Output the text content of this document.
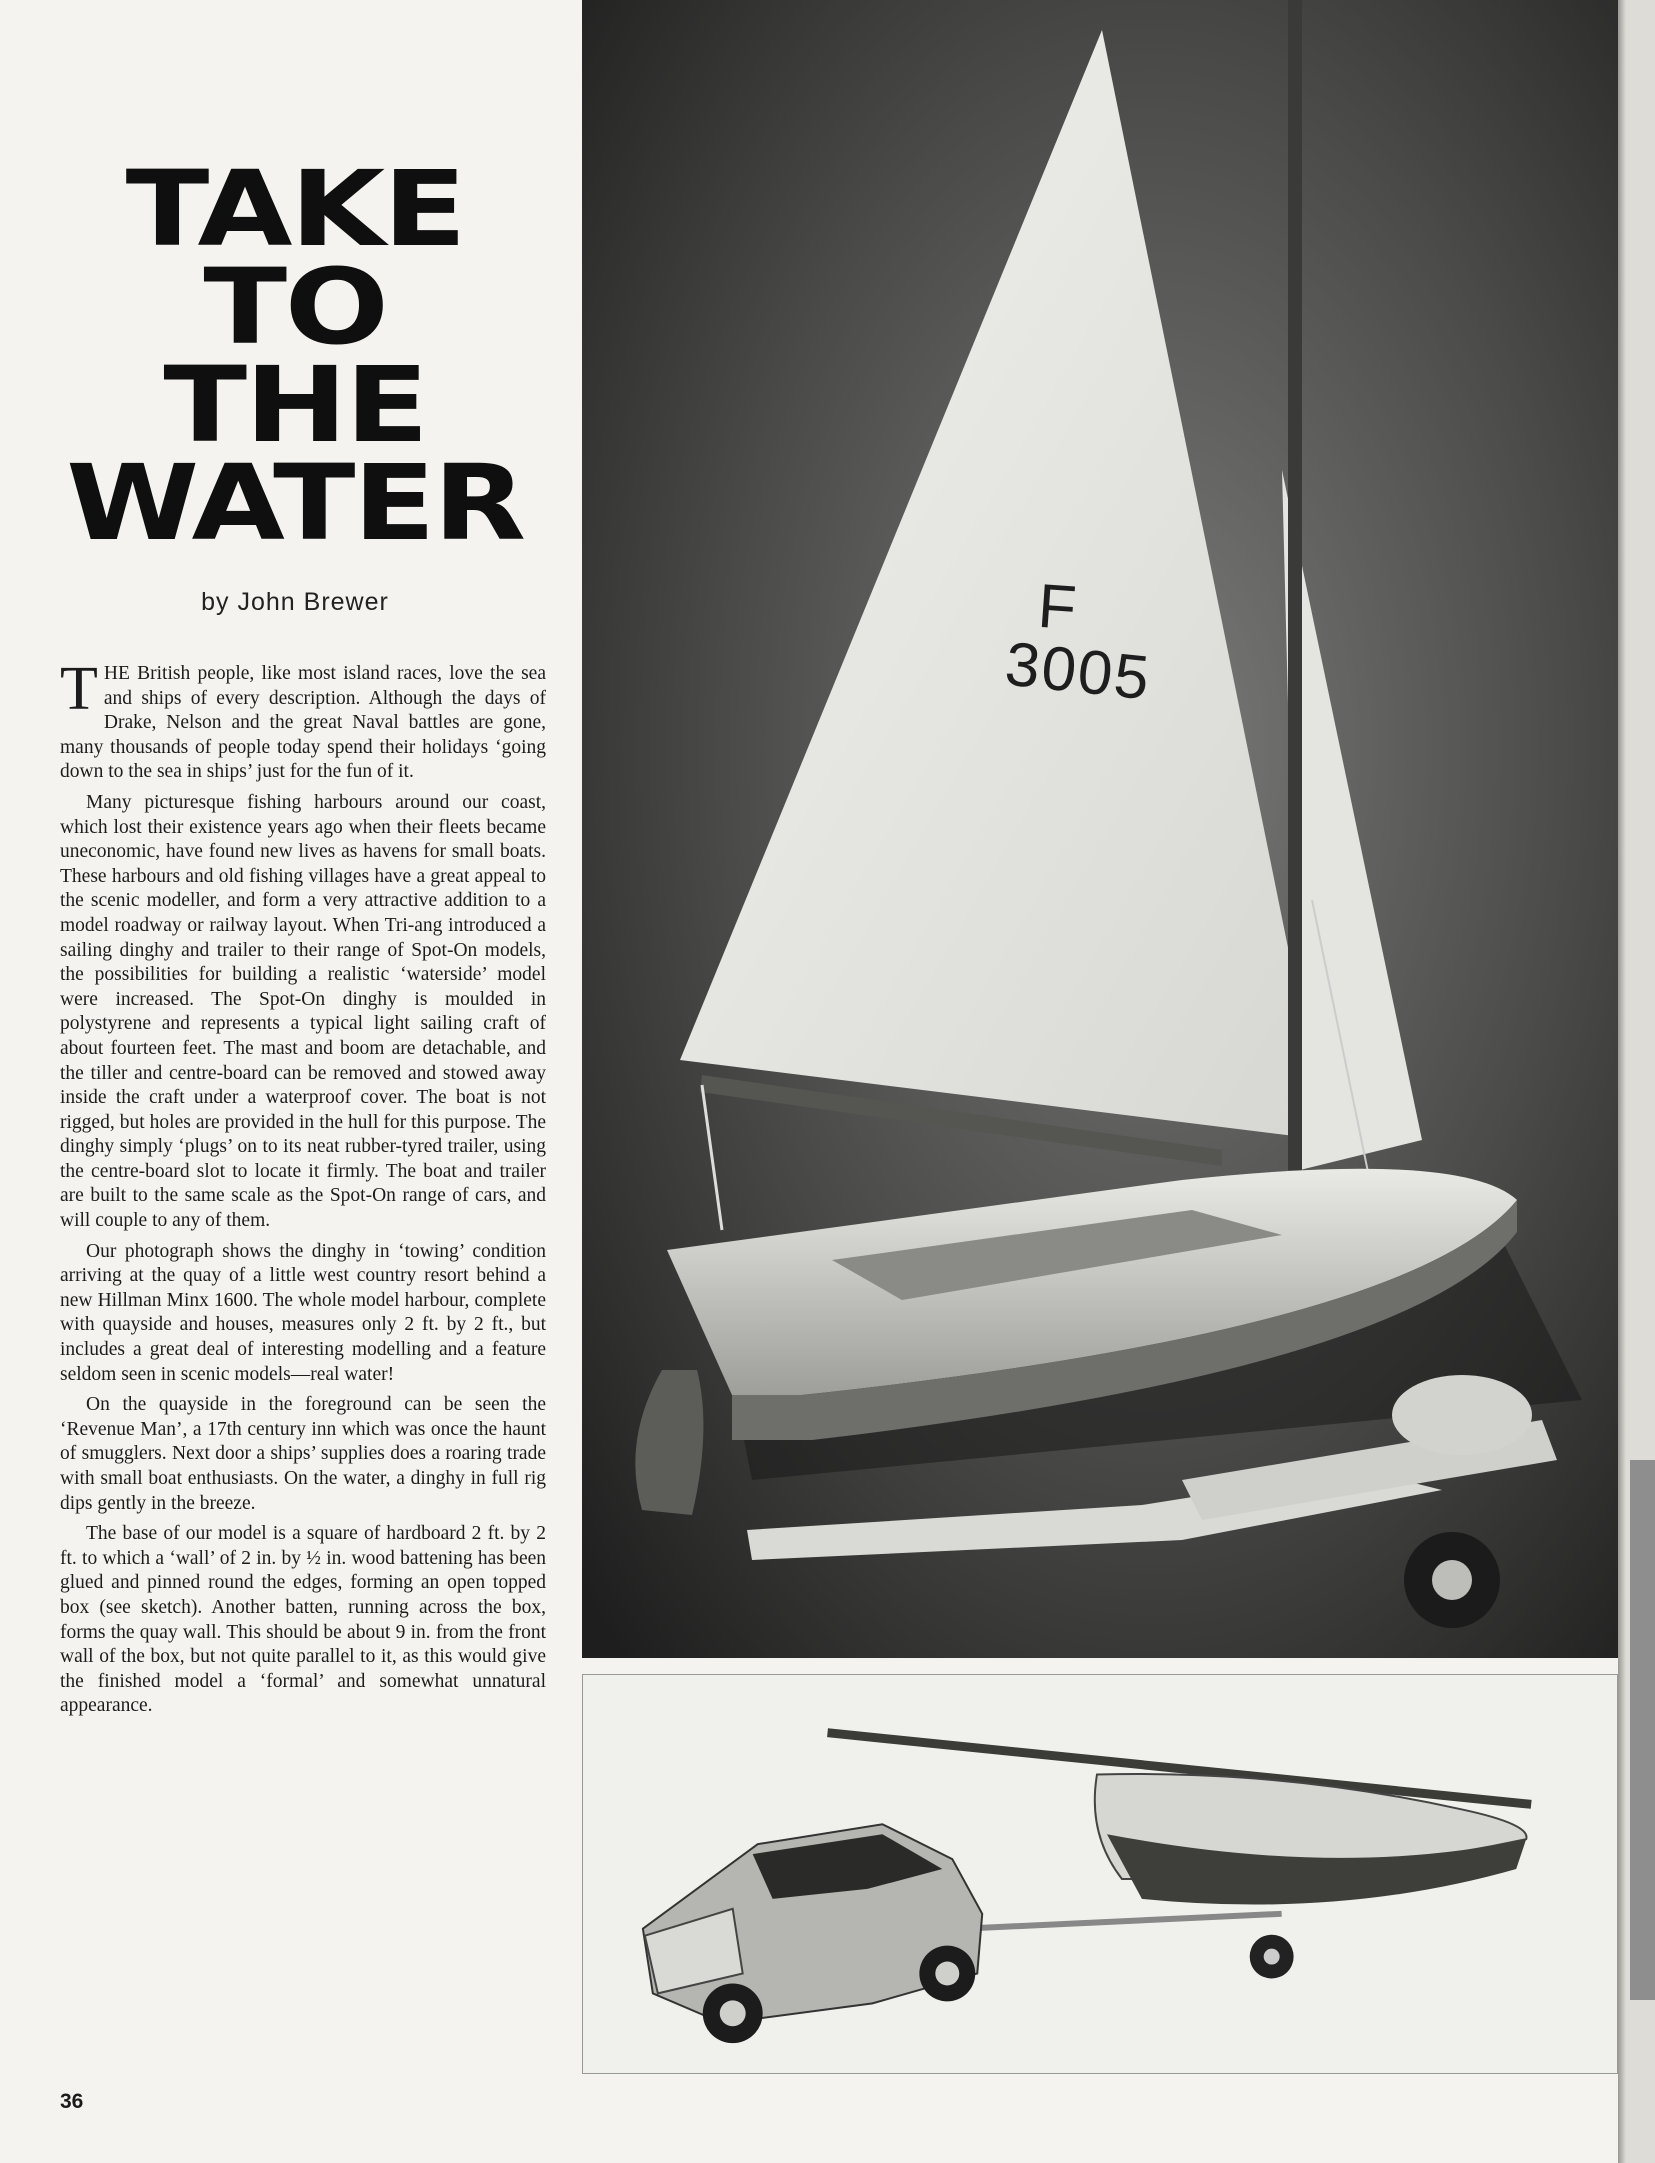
TAKE
TO
THE
WATER
by John Brewer

THE British people, like most island races, love the sea and ships of every description. Although the days of Drake, Nelson and the great Naval battles are gone, many thousands of people today spend their holidays ‘going down to the sea in ships’ just for the fun of it.

Many picturesque fishing harbours around our coast, which lost their existence years ago when their fleets became uneconomic, have found new lives as havens for small boats. These harbours and old fishing villages have a great appeal to the scenic modeller, and form a very attractive addition to a model roadway or railway layout. When Tri-ang introduced a sailing dinghy and trailer to their range of Spot-On models, the possibilities for building a realistic ‘waterside’ model were increased. The Spot-On dinghy is moulded in polystyrene and represents a typical light sailing craft of about fourteen feet. The mast and boom are detachable, and the tiller and centre-board can be removed and stowed away inside the craft under a waterproof cover. The boat is not rigged, but holes are provided in the hull for this purpose. The dinghy simply ‘plugs’ on to its neat rubber-tyred trailer, using the centre-board slot to locate it firmly. The boat and trailer are built to the same scale as the Spot-On range of cars, and will couple to any of them.

Our photograph shows the dinghy in ‘towing’ condition arriving at the quay of a little west country resort behind a new Hillman Minx 1600. The whole model harbour, complete with quayside and houses, measures only 2 ft. by 2 ft., but includes a great deal of interesting modelling and a feature seldom seen in scenic models—real water!

On the quayside in the foreground can be seen the ‘Revenue Man’, a 17th century inn which was once the haunt of smugglers. Next door a ships’ supplies does a roaring trade with small boat enthusiasts. On the water, a dinghy in full rig dips gently in the breeze.

The base of our model is a square of hardboard 2 ft. by 2 ft. to which a ‘wall’ of 2 in. by ½ in. wood battening has been glued and pinned round the edges, forming an open topped box (see sketch). Another batten, running across the box, forms the quay wall. This should be about 9 in. from the front wall of the box, but not quite parallel to it, as this would give the finished model a ‘formal’ and somewhat unnatural appearance.

36
F
3005
